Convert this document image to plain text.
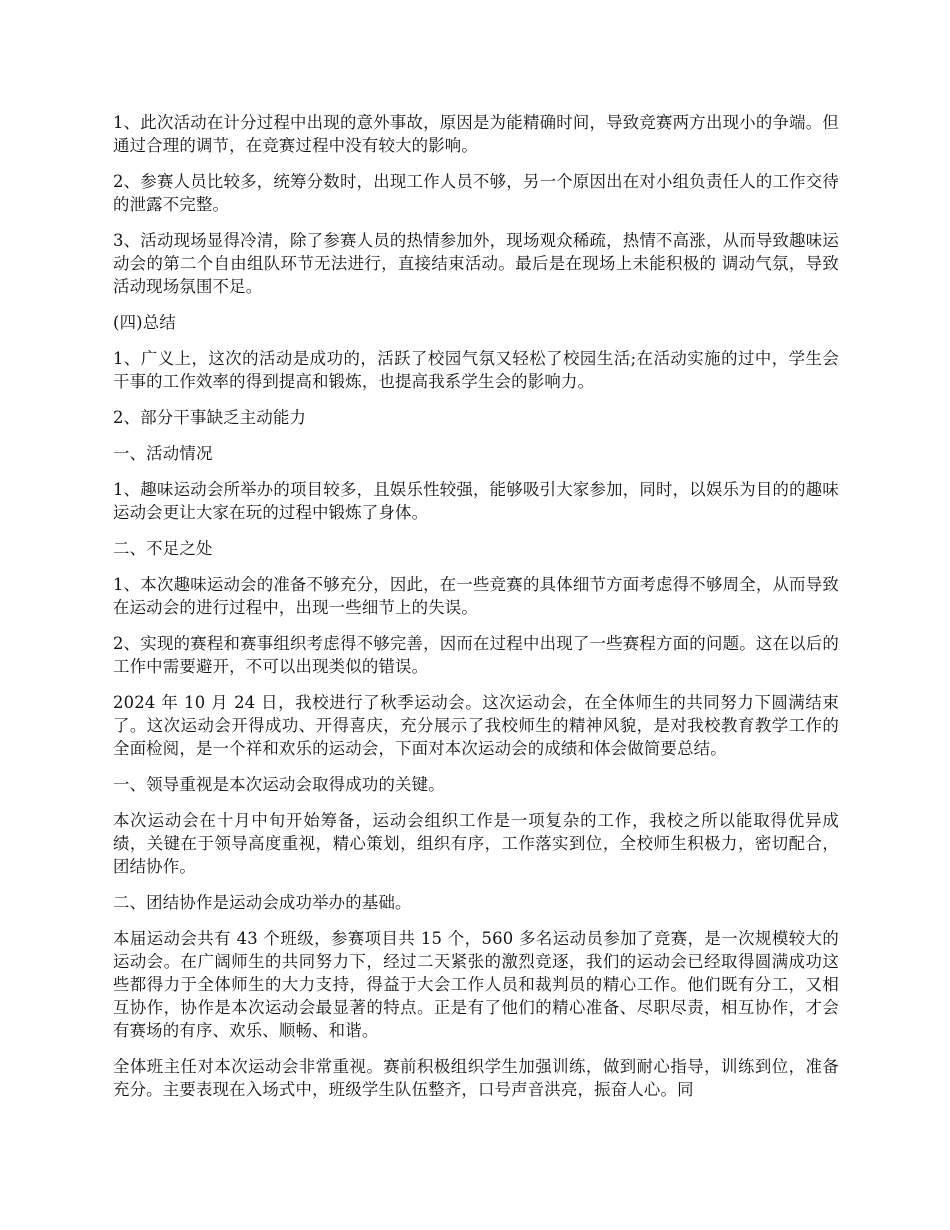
1、此次活动在计分过程中出现的意外事故，原因是为能精确时间，导致竞赛两方出现小的争端。但通过合理的调节，在竞赛过程中没有较大的影响。

2、参赛人员比较多，统筹分数时，出现工作人员不够，另一个原因出在对小组负责任人的工作交待的泄露不完整。

3、活动现场显得冷清，除了参赛人员的热情参加外，现场观众稀疏，热情不高涨，从而导致趣味运动会的第二个自由组队环节无法进行，直接结束活动。最后是在现场上未能积极的 调动气氛，导致活动现场氛围不足。

(四)总结

1、广义上，这次的活动是成功的，活跃了校园气氛又轻松了校园生活;在活动实施的过中，学生会干事的工作效率的得到提高和锻炼，也提高我系学生会的影响力。

2、部分干事缺乏主动能力

一、活动情况

1、趣味运动会所举办的项目较多，且娱乐性较强，能够吸引大家参加，同时，以娱乐为目的的趣味运动会更让大家在玩的过程中锻炼了身体。

二、不足之处

1、本次趣味运动会的准备不够充分，因此，在一些竞赛的具体细节方面考虑得不够周全，从而导致在运动会的进行过程中，出现一些细节上的失误。

2、实现的赛程和赛事组织考虑得不够完善，因而在过程中出现了一些赛程方面的问题。这在以后的工作中需要避开，不可以出现类似的错误。

2024 年 10 月 24 日，我校进行了秋季运动会。这次运动会，在全体师生的共同努力下圆满结束了。这次运动会开得成功、开得喜庆，充分展示了我校师生的精神风貌，是对我校教育教学工作的全面检阅，是一个祥和欢乐的运动会，下面对本次运动会的成绩和体会做简要总结。

一、领导重视是本次运动会取得成功的关键。

本次运动会在十月中旬开始筹备，运动会组织工作是一项复杂的工作，我校之所以能取得优异成绩，关键在于领导高度重视，精心策划，组织有序，工作落实到位，全校师生积极力，密切配合，团结协作。

二、团结协作是运动会成功举办的基础。

本届运动会共有 43 个班级，参赛项目共 15 个，560 多名运动员参加了竞赛，是一次规模较大的运动会。在广阔师生的共同努力下，经过二天紧张的激烈竞逐，我们的运动会已经取得圆满成功这些都得力于全体师生的大力支持，得益于大会工作人员和裁判员的精心工作。他们既有分工，又相互协作，协作是本次运动会最显著的特点。正是有了他们的精心准备、尽职尽责，相互协作，才会有赛场的有序、欢乐、顺畅、和谐。

全体班主任对本次运动会非常重视。赛前积极组织学生加强训练，做到耐心指导，训练到位，准备充分。主要表现在入场式中，班级学生队伍整齐，口号声音洪亮，振奋人心。同
